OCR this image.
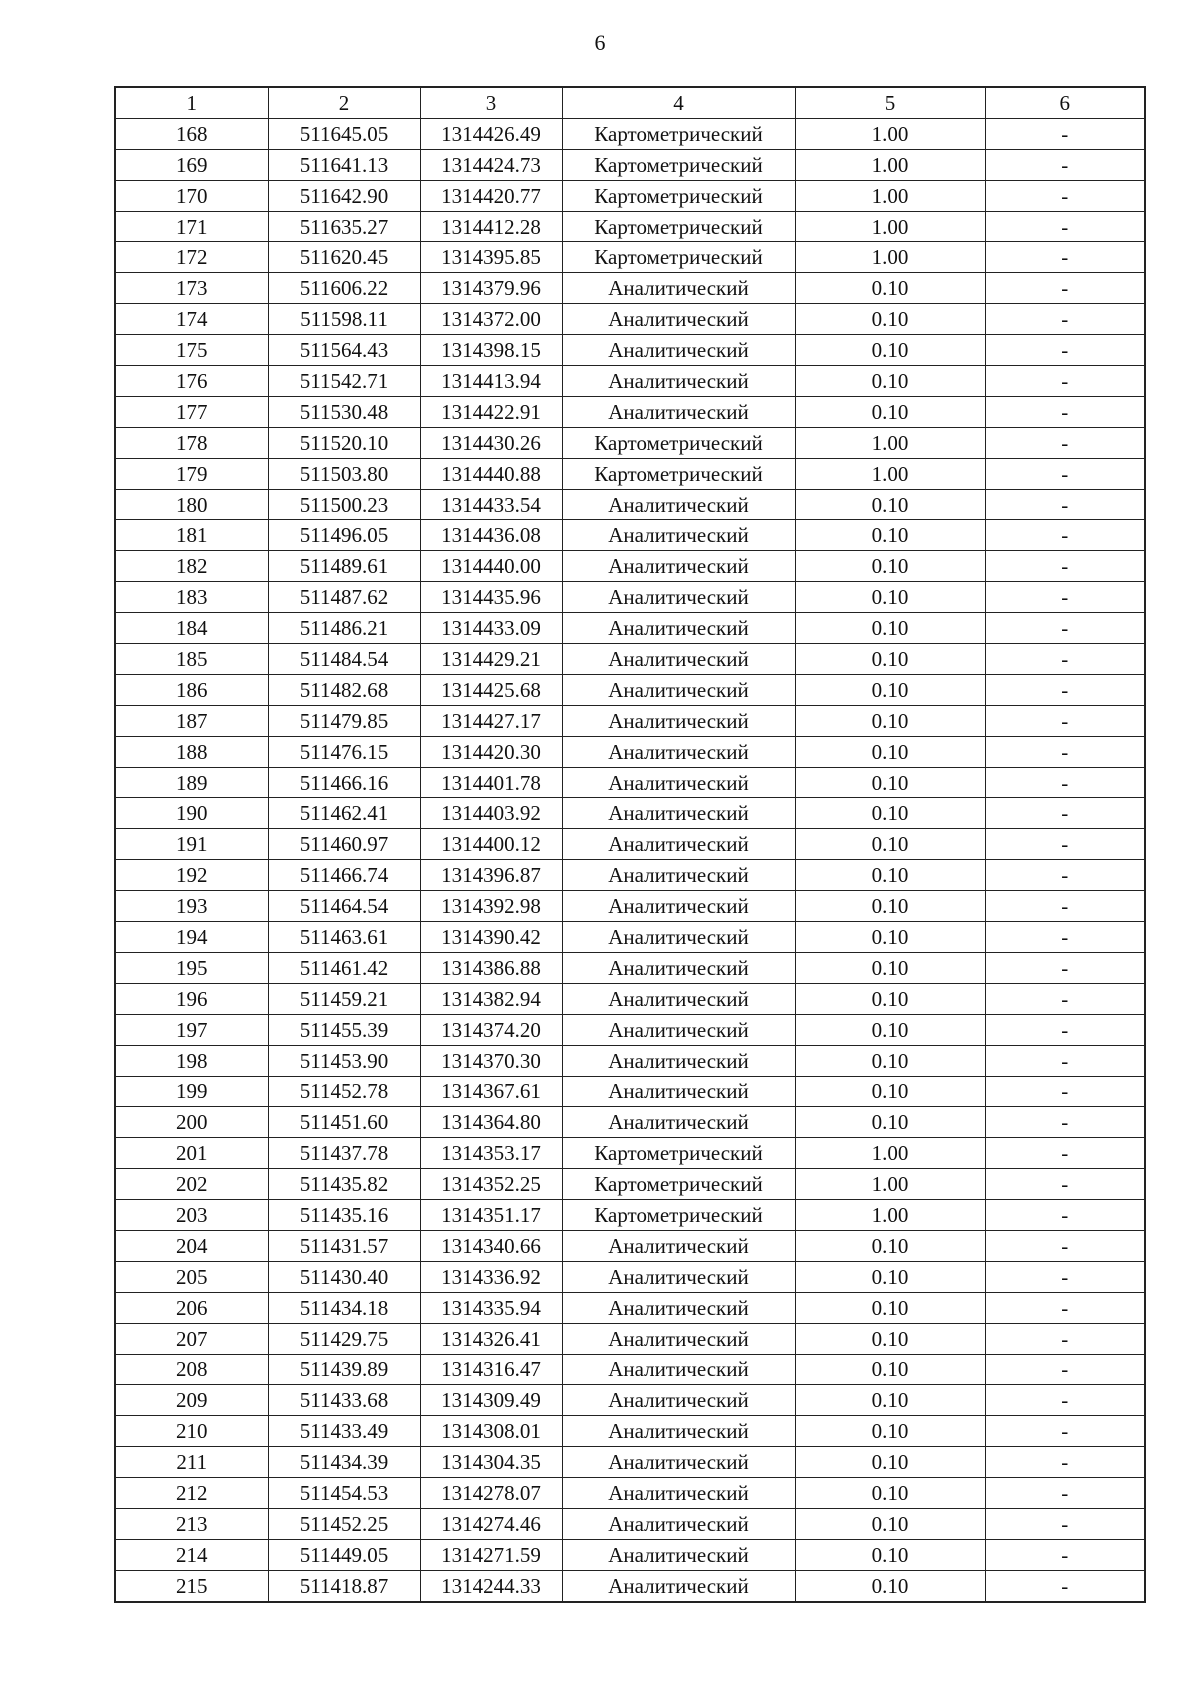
6
1	2	3	4	5	6
168	511645.05	1314426.49	Картометрический	1.00	-
169	511641.13	1314424.73	Картометрический	1.00	-
170	511642.90	1314420.77	Картометрический	1.00	-
171	511635.27	1314412.28	Картометрический	1.00	-
172	511620.45	1314395.85	Картометрический	1.00	-
173	511606.22	1314379.96	Аналитический	0.10	-
174	511598.11	1314372.00	Аналитический	0.10	-
175	511564.43	1314398.15	Аналитический	0.10	-
176	511542.71	1314413.94	Аналитический	0.10	-
177	511530.48	1314422.91	Аналитический	0.10	-
178	511520.10	1314430.26	Картометрический	1.00	-
179	511503.80	1314440.88	Картометрический	1.00	-
180	511500.23	1314433.54	Аналитический	0.10	-
181	511496.05	1314436.08	Аналитический	0.10	-
182	511489.61	1314440.00	Аналитический	0.10	-
183	511487.62	1314435.96	Аналитический	0.10	-
184	511486.21	1314433.09	Аналитический	0.10	-
185	511484.54	1314429.21	Аналитический	0.10	-
186	511482.68	1314425.68	Аналитический	0.10	-
187	511479.85	1314427.17	Аналитический	0.10	-
188	511476.15	1314420.30	Аналитический	0.10	-
189	511466.16	1314401.78	Аналитический	0.10	-
190	511462.41	1314403.92	Аналитический	0.10	-
191	511460.97	1314400.12	Аналитический	0.10	-
192	511466.74	1314396.87	Аналитический	0.10	-
193	511464.54	1314392.98	Аналитический	0.10	-
194	511463.61	1314390.42	Аналитический	0.10	-
195	511461.42	1314386.88	Аналитический	0.10	-
196	511459.21	1314382.94	Аналитический	0.10	-
197	511455.39	1314374.20	Аналитический	0.10	-
198	511453.90	1314370.30	Аналитический	0.10	-
199	511452.78	1314367.61	Аналитический	0.10	-
200	511451.60	1314364.80	Аналитический	0.10	-
201	511437.78	1314353.17	Картометрический	1.00	-
202	511435.82	1314352.25	Картометрический	1.00	-
203	511435.16	1314351.17	Картометрический	1.00	-
204	511431.57	1314340.66	Аналитический	0.10	-
205	511430.40	1314336.92	Аналитический	0.10	-
206	511434.18	1314335.94	Аналитический	0.10	-
207	511429.75	1314326.41	Аналитический	0.10	-
208	511439.89	1314316.47	Аналитический	0.10	-
209	511433.68	1314309.49	Аналитический	0.10	-
210	511433.49	1314308.01	Аналитический	0.10	-
211	511434.39	1314304.35	Аналитический	0.10	-
212	511454.53	1314278.07	Аналитический	0.10	-
213	511452.25	1314274.46	Аналитический	0.10	-
214	511449.05	1314271.59	Аналитический	0.10	-
215	511418.87	1314244.33	Аналитический	0.10	-
